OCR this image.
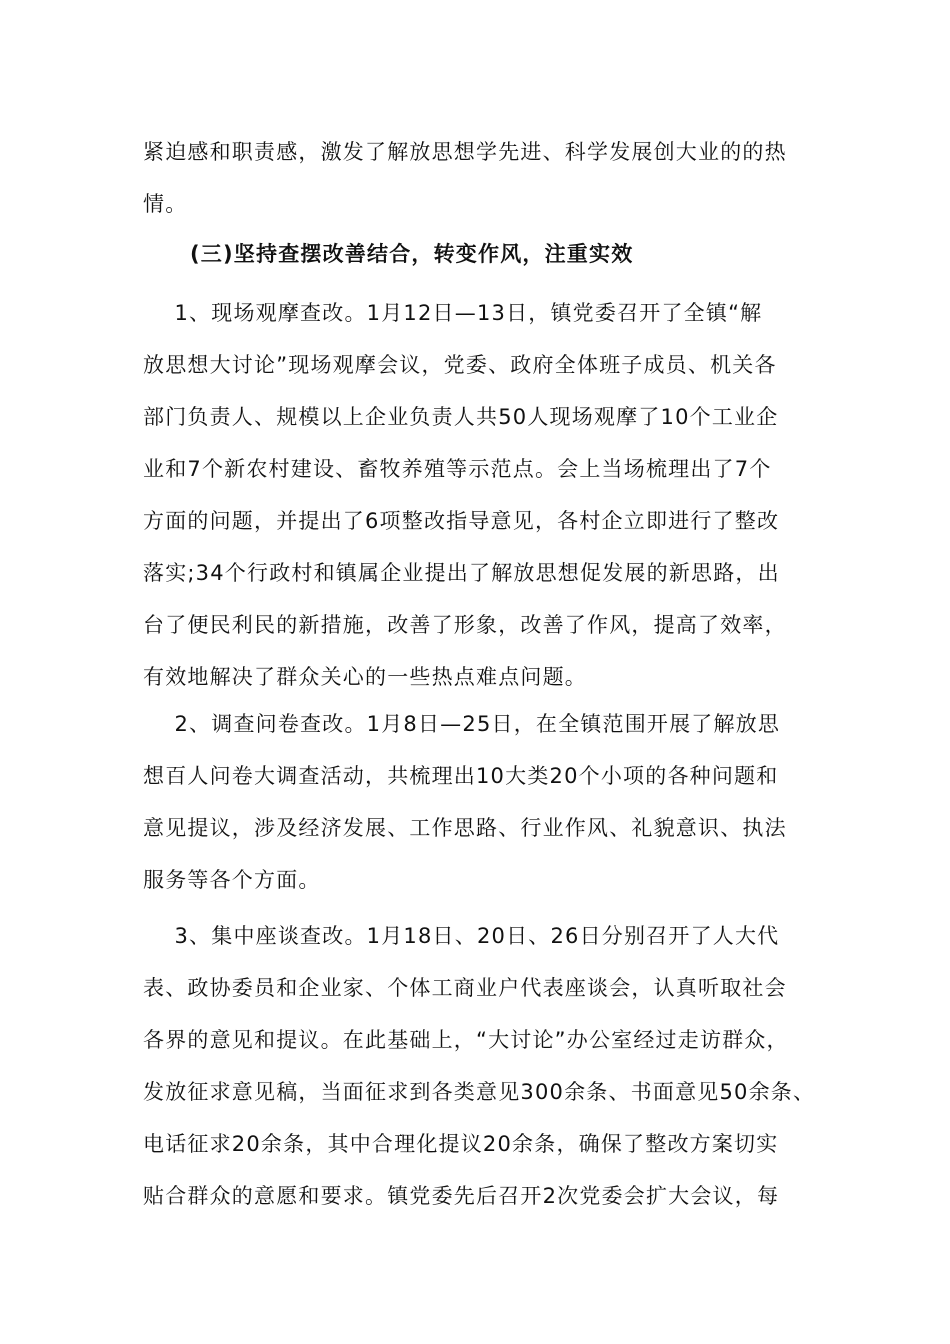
紧迫感和职责感，激发了解放思想学先进、科学发展创大业的的热
情。
(三)坚持查摆改善结合，转变作风，注重实效
1、现场观摩查改。1月12日—13日，镇党委召开了全镇“解
放思想大讨论”现场观摩会议，党委、政府全体班子成员、机关各
部门负责人、规模以上企业负责人共50人现场观摩了10个工业企
业和7个新农村建设、畜牧养殖等示范点。会上当场梳理出了7个
方面的问题，并提出了6项整改指导意见，各村企立即进行了整改
落实;34个行政村和镇属企业提出了解放思想促发展的新思路，出
台了便民利民的新措施，改善了形象，改善了作风，提高了效率，
有效地解决了群众关心的一些热点难点问题。
2、调查问卷查改。1月8日—25日，在全镇范围开展了解放思
想百人问卷大调查活动，共梳理出10大类20个小项的各种问题和
意见提议，涉及经济发展、工作思路、行业作风、礼貌意识、执法
服务等各个方面。
3、集中座谈查改。1月18日、20日、26日分别召开了人大代
表、政协委员和企业家、个体工商业户代表座谈会，认真听取社会
各界的意见和提议。在此基础上，“大讨论”办公室经过走访群众，
发放征求意见稿，当面征求到各类意见300余条、书面意见50余条、
电话征求20余条，其中合理化提议20余条，确保了整改方案切实
贴合群众的意愿和要求。镇党委先后召开2次党委会扩大会议，每
